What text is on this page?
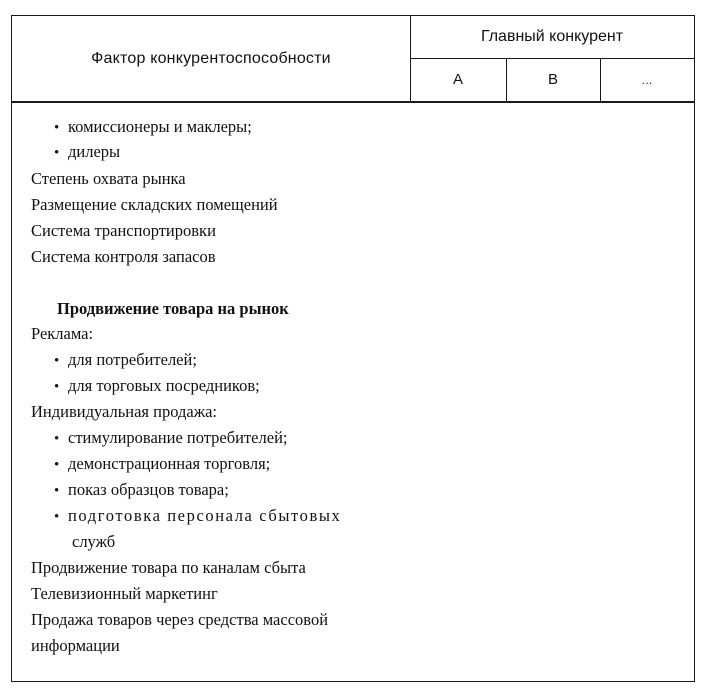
Фактор конкурентоспособности
Главный конкурент
A	B	...
• комиссионеры и маклеры;
• дилеры
Степень охвата рынка
Размещение складских помещений
Система транспортировки
Система контроля запасов
Продвижение товара на рынок
Реклама:
• для потребителей;
• для торговых посредников;
Индивидуальная продажа:
• стимулирование потребителей;
• демонстрационная торговля;
• показ образцов товара;
• подготовка персонала сбытовых
служб
Продвижение товара по каналам сбыта
Телевизионный маркетинг
Продажа товаров через средства массовой
информации
